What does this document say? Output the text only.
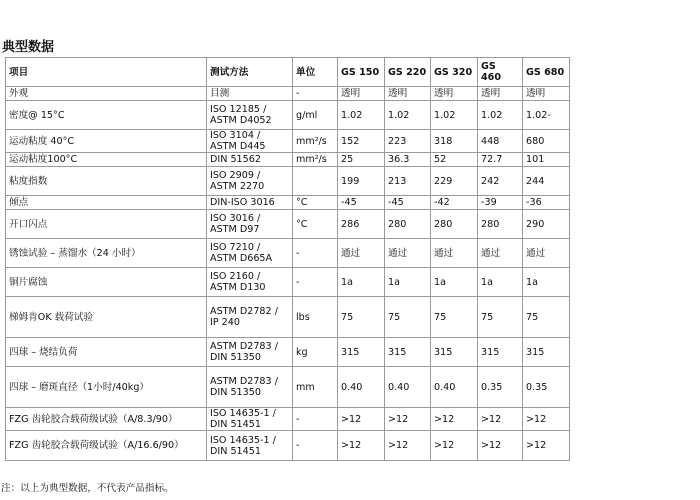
典型数据
项目	测试方法	单位	GS 150	GS 220	GS 320	GS 460	GS 680
外观	目测	-	透明	透明	透明	透明	透明
密度@ 15°C	ISO 12185 / ASTM D4052	g/ml	1.02	1.02	1.02	1.02	1.02-
运动粘度 40°C	ISO 3104 / ASTM D445	mm²/s	152	223	318	448	680
运动粘度100°C	DIN 51562	mm²/s	25	36.3	52	72.7	101
粘度指数	ISO 2909 / ASTM 2270		199	213	229	242	244
倾点	DIN-ISO 3016	°C	-45	-45	-42	-39	-36
开口闪点	ISO 3016 / ASTM D97	°C	286	280	280	280	290
锈蚀试验 – 蒸馏水（24 小时）	ISO 7210 / ASTM D665A	-	通过	通过	通过	通过	通过
铜片腐蚀	ISO 2160 / ASTM D130	-	1a	1a	1a	1a	1a
梯姆肯OK 载荷试验	ASTM D2782 / IP 240	lbs	75	75	75	75	75
四球 – 烧结负荷	ASTM D2783 / DIN 51350	kg	315	315	315	315	315
四球 – 磨斑直径（1小时/40kg）	ASTM D2783 / DIN 51350	mm	0.40	0.40	0.40	0.35	0.35
FZG 齿轮胶合载荷级试验（A/8.3/90）	ISO 14635-1 / DIN 51451	-	>12	>12	>12	>12	>12
FZG 齿轮胶合载荷级试验（A/16.6/90）	ISO 14635-1 / DIN 51451	-	>12	>12	>12	>12	>12

注：以上为典型数据，不代表产品指标。
